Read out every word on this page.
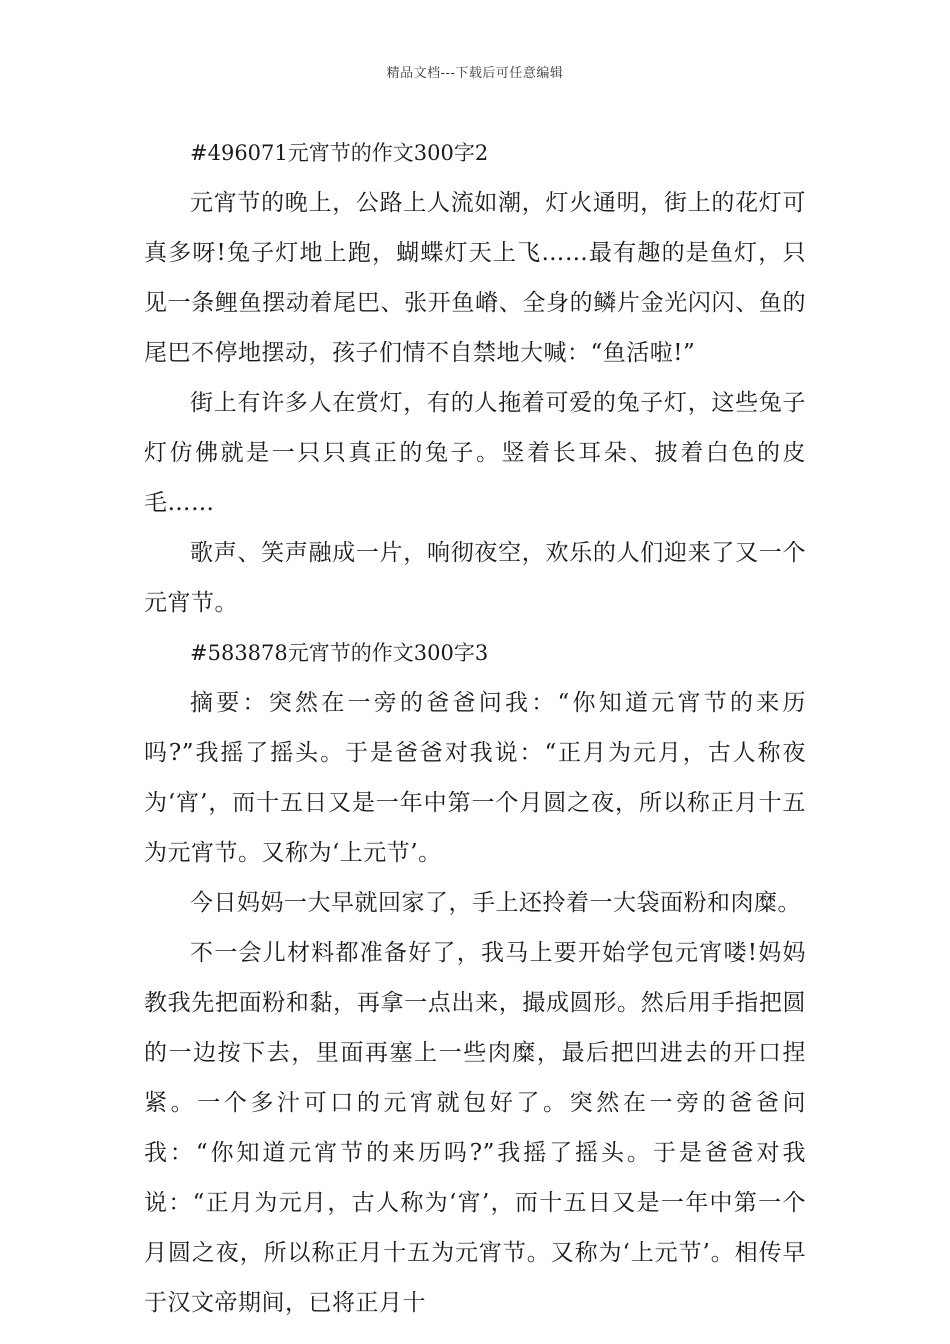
精品文档---下载后可任意编辑

#496071元宵节的作文300字2

元宵节的晚上，公路上人流如潮，灯火通明，街上的花灯可真多呀!兔子灯地上跑，蝴蝶灯天上飞……最有趣的是鱼灯，只见一条鲤鱼摆动着尾巴、张开鱼嵴、全身的鳞片金光闪闪、鱼的尾巴不停地摆动，孩子们情不自禁地大喊：“鱼活啦!”

街上有许多人在赏灯，有的人拖着可爱的兔子灯，这些兔子灯仿佛就是一只只真正的兔子。竖着长耳朵、披着白色的皮毛……

歌声、笑声融成一片，响彻夜空，欢乐的人们迎来了又一个元宵节。

#583878元宵节的作文300字3

摘要：突然在一旁的爸爸问我：“你知道元宵节的来历吗?”我摇了摇头。于是爸爸对我说：“正月为元月，古人称夜为‘宵’，而十五日又是一年中第一个月圆之夜，所以称正月十五为元宵节。又称为‘上元节’。

今日妈妈一大早就回家了，手上还拎着一大袋面粉和肉糜。

不一会儿材料都准备好了，我马上要开始学包元宵喽!妈妈教我先把面粉和黏，再拿一点出来，撮成圆形。然后用手指把圆的一边按下去，里面再塞上一些肉糜，最后把凹进去的开口捏紧。一个多汁可口的元宵就包好了。突然在一旁的爸爸问我：“你知道元宵节的来历吗?”我摇了摇头。于是爸爸对我说：“正月为元月，古人称为‘宵’，而十五日又是一年中第一个月圆之夜，所以称正月十五为元宵节。又称为‘上元节’。相传早于汉文帝期间，已将正月十
